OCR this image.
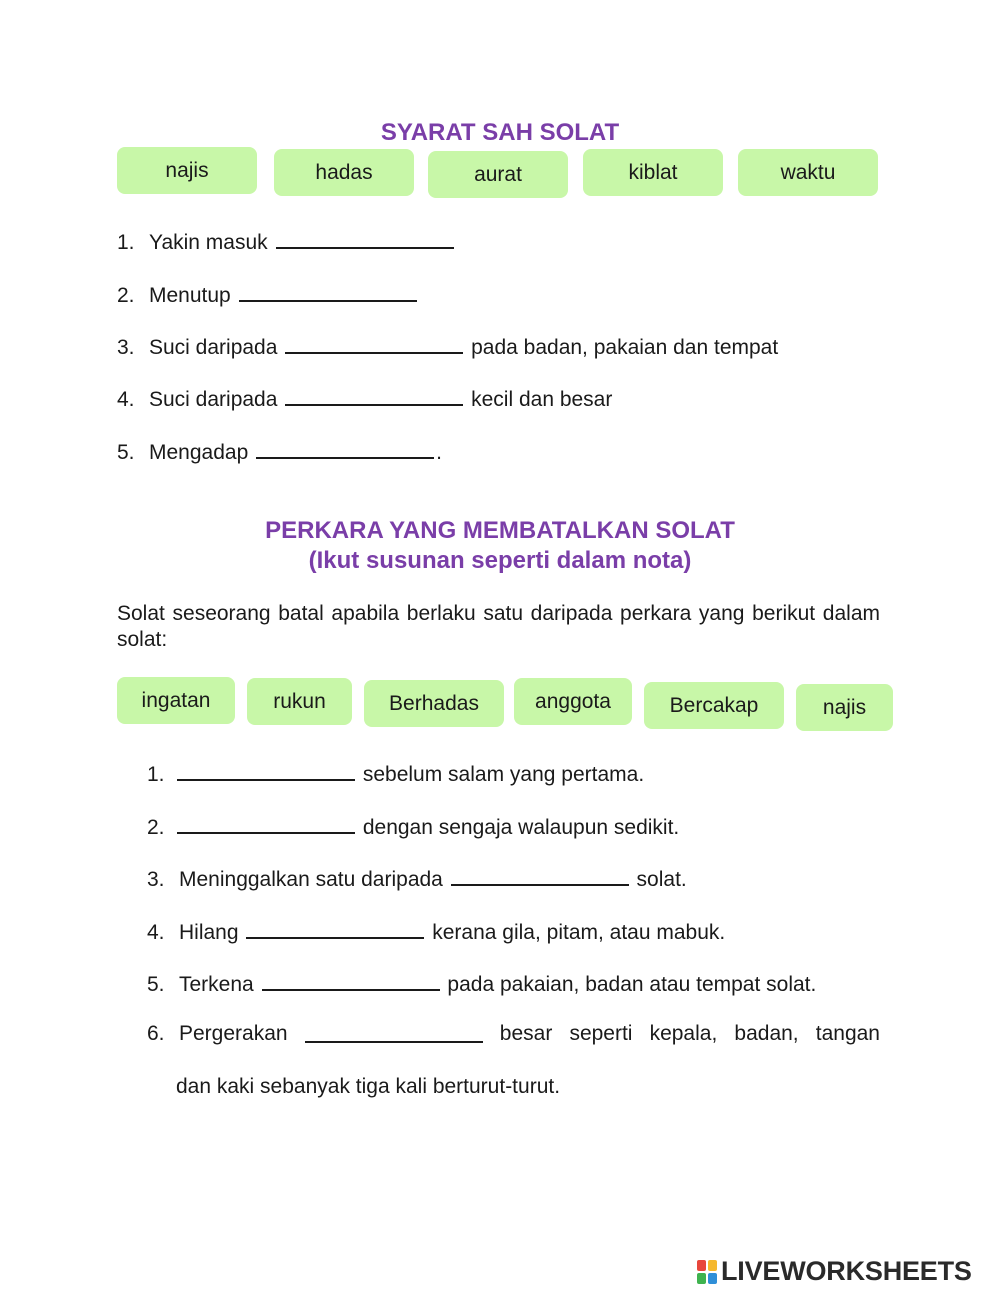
SYARAT SAH SOLAT
najis	hadas	aurat	kiblat	waktu
1. Yakin masuk
2. Menutup
3. Suci daripada	pada badan, pakaian dan tempat
4. Suci daripada	kecil dan besar
5. Mengadap	.
PERKARA YANG MEMBATALKAN SOLAT
(Ikut susunan seperti dalam nota)
Solat seseorang batal apabila berlaku satu daripada perkara yang berikut dalam solat:
ingatan	rukun	Berhadas	anggota	Bercakap	najis
1.	sebelum salam yang pertama.
2.	dengan sengaja walaupun sedikit.
3. Meninggalkan satu daripada	solat.
4. Hilang	kerana gila, pitam, atau mabuk.
5. Terkena	pada pakaian, badan atau tempat solat.
6. Pergerakan	besar seperti kepala, badan, tangan
dan kaki sebanyak tiga kali berturut-turut.
LIVEWORKSHEETS
